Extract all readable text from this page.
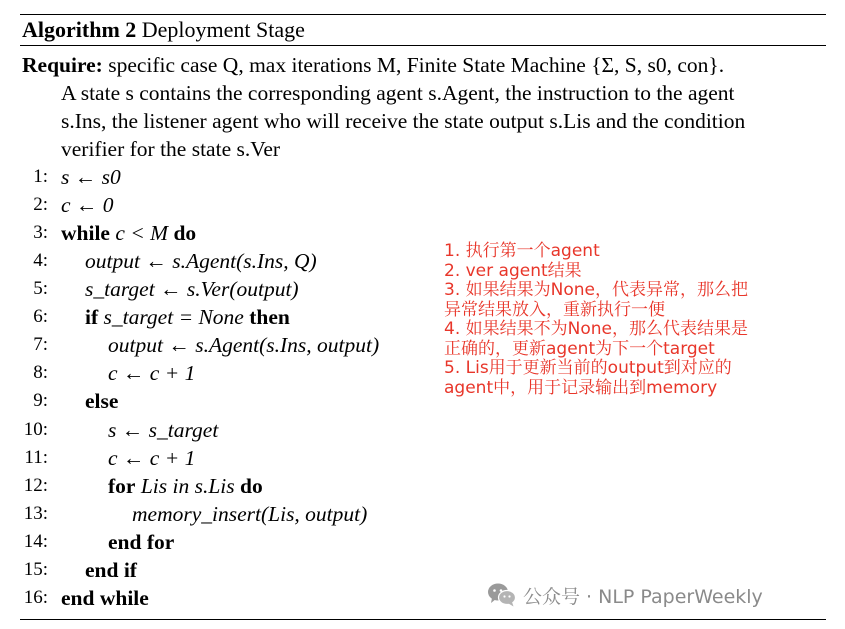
Algorithm 2 Deployment Stage
Require: specific case Q, max iterations M, Finite State Machine {Σ, S, s0, con}.
A state s contains the corresponding agent s.Agent, the instruction to the agent
s.Ins, the listener agent who will receive the state output s.Lis and the condition
verifier for the state s.Ver
1: s ← s0
2: c ← 0
3: while c < M do
4: output ← s.Agent(s.Ins, Q)
5: s_target ← s.Ver(output)
6: if s_target = None then
7:	output ← s.Agent(s.Ins, output)
8:	c ← c + 1
9: else
10:	s ← s_target
11:	c ← c + 1
12:	for Lis in s.Lis do
13:	memory_insert(Lis, output)
14:	end for
15: end if
16: end while
1. 执行第一个agent
2. ver agent结果
3. 如果结果为None，代表异常，那么把
异常结果放入，重新执行一便
4. 如果结果不为None，那么代表结果是
正确的，更新agent为下一个target
5. Lis用于更新当前的output到对应的
agent中，用于记录输出到memory
公众号 · NLP PaperWeekly
